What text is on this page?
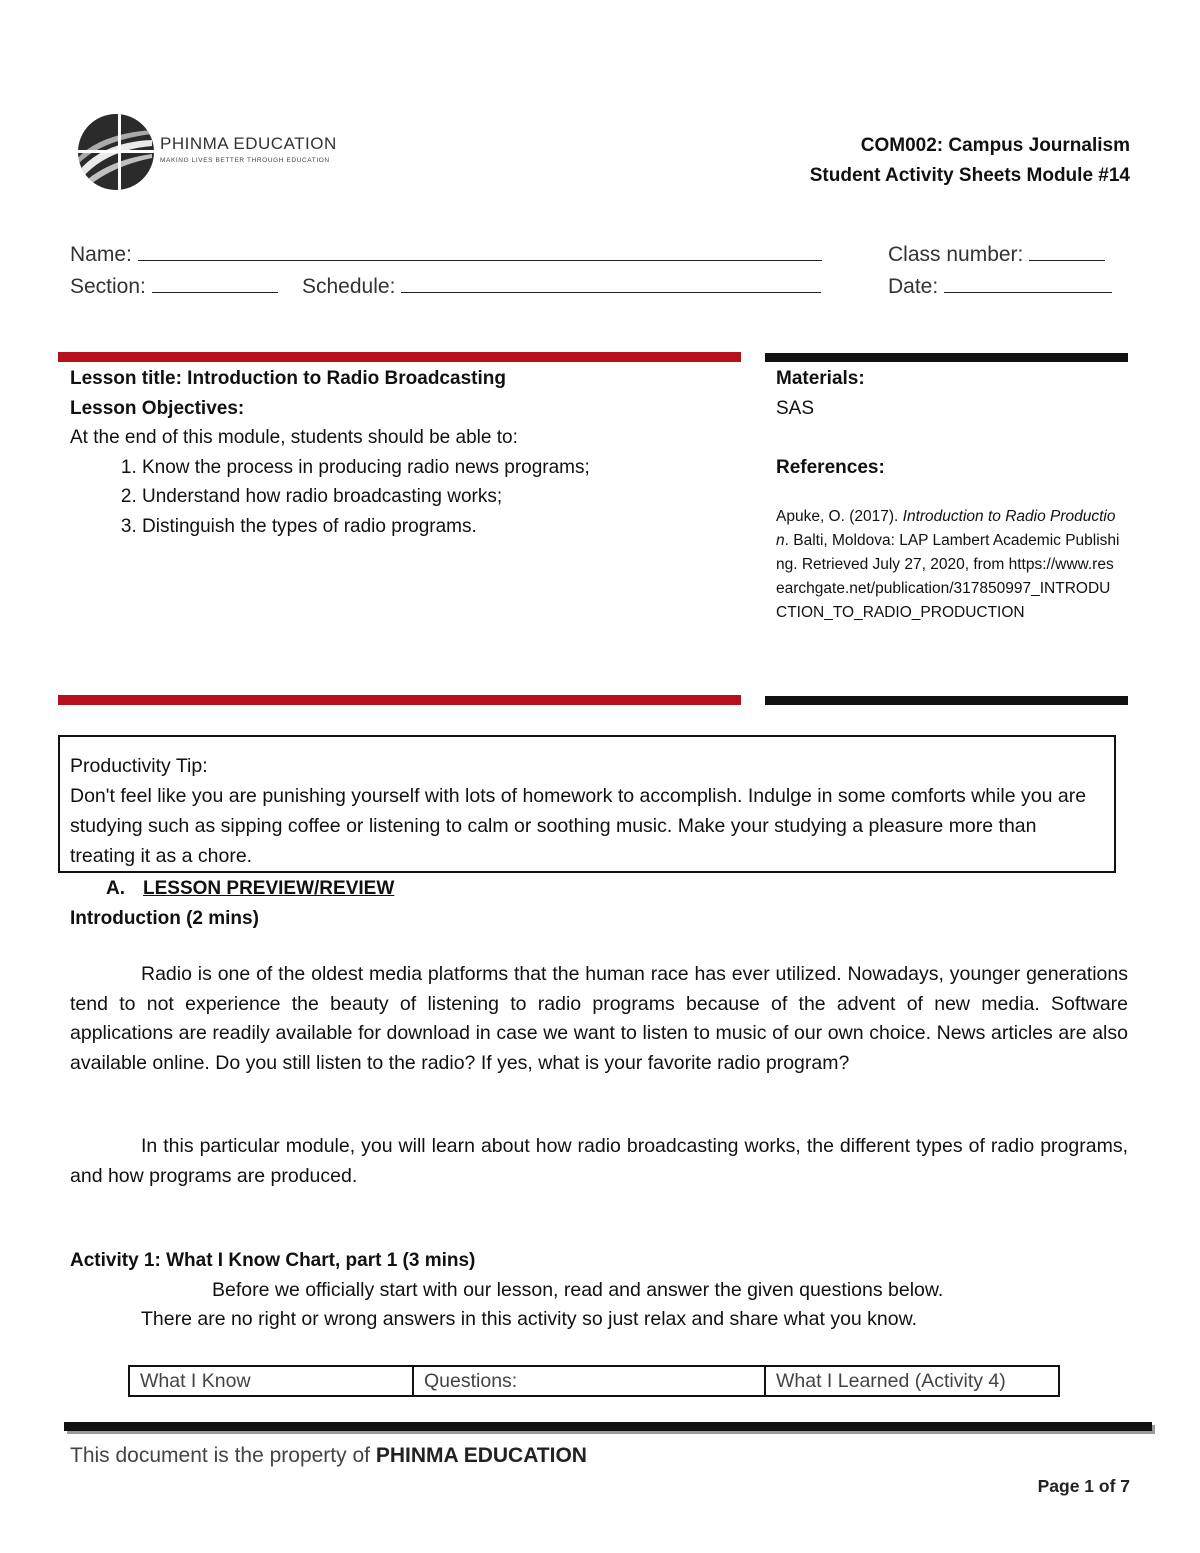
PHINMA EDUCATION
MAKING LIVES BETTER THROUGH EDUCATION
COM002: Campus Journalism
Student Activity Sheets Module #14
Name:	Class number:
Section:	Schedule:	Date:
Lesson title: Introduction to Radio Broadcasting
Lesson Objectives:
At the end of this module, students should be able to:
1. Know the process in producing radio news programs;
2. Understand how radio broadcasting works;
3. Distinguish the types of radio programs.
Materials:
SAS
References:
Apuke, O. (2017). Introduction to Radio Production. Balti, Moldova: LAP Lambert Academic Publishing. Retrieved July 27, 2020, from https://www.researchgate.net/publication/317850997_INTRODUCTION_TO_RADIO_PRODUCTION
Productivity Tip:
Don't feel like you are punishing yourself with lots of homework to accomplish. Indulge in some comforts while you are studying such as sipping coffee or listening to calm or soothing music. Make your studying a pleasure more than treating it as a chore.
A. LESSON PREVIEW/REVIEW
Introduction (2 mins)
Radio is one of the oldest media platforms that the human race has ever utilized. Nowadays, younger generations tend to not experience the beauty of listening to radio programs because of the advent of new media. Software applications are readily available for download in case we want to listen to music of our own choice. News articles are also available online. Do you still listen to the radio? If yes, what is your favorite radio program?
In this particular module, you will learn about how radio broadcasting works, the different types of radio programs, and how programs are produced.
Activity 1: What I Know Chart, part 1 (3 mins)
Before we officially start with our lesson, read and answer the given questions below.
There are no right or wrong answers in this activity so just relax and share what you know.
What I Know	Questions:	What I Learned (Activity 4)
This document is the property of PHINMA EDUCATION
Page 1 of 7
